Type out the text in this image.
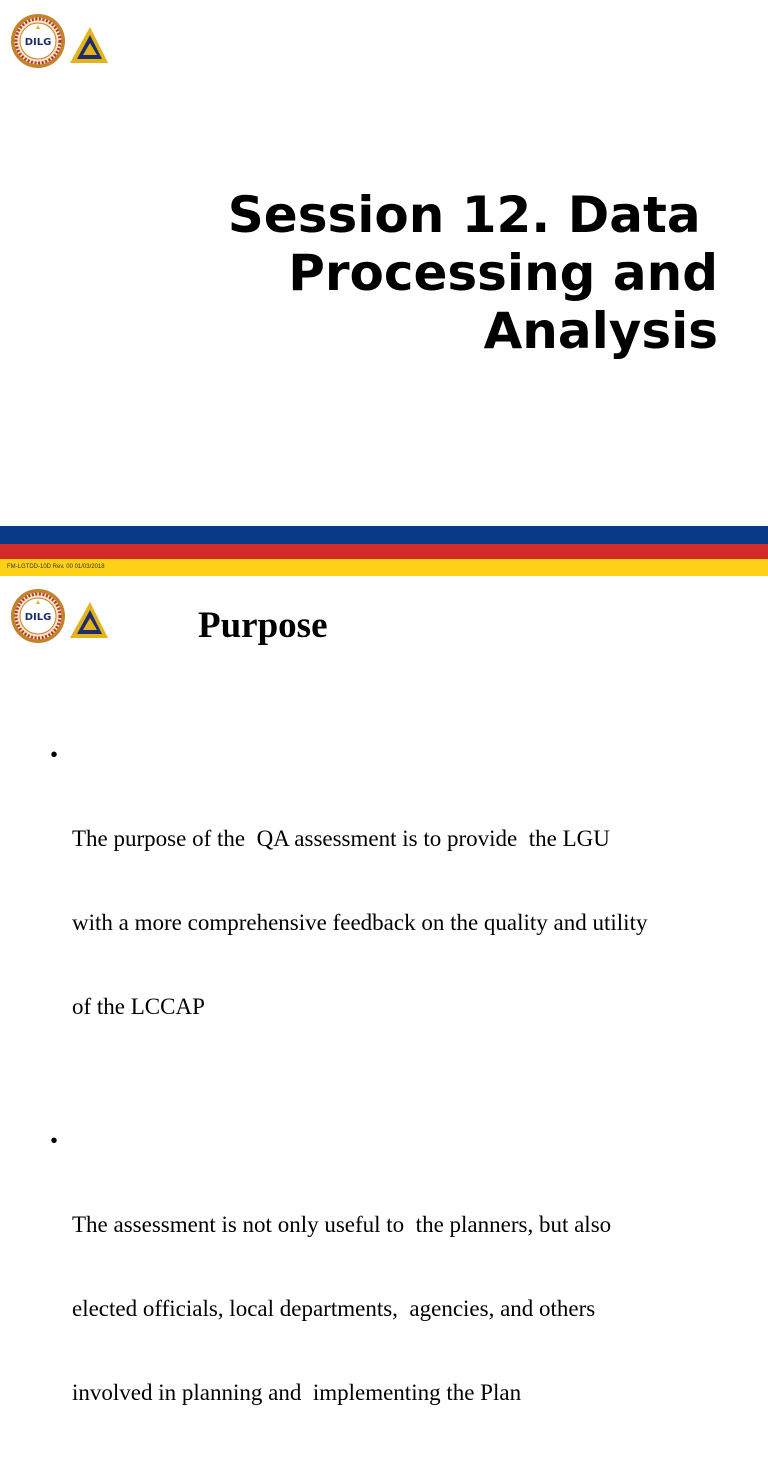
DILG
Session 12. Data
Processing and
Analysis
FM-LGTDD-10D Rev. 00 01/03/2018
DILG	Purpose

•

The purpose of the  QA assessment is to provide  the LGU

with a more comprehensive feedback on the quality and utility

of the LCCAP

•

The assessment is not only useful to  the planners, but also

elected officials, local departments,  agencies, and others

involved in planning and  implementing the Plan
